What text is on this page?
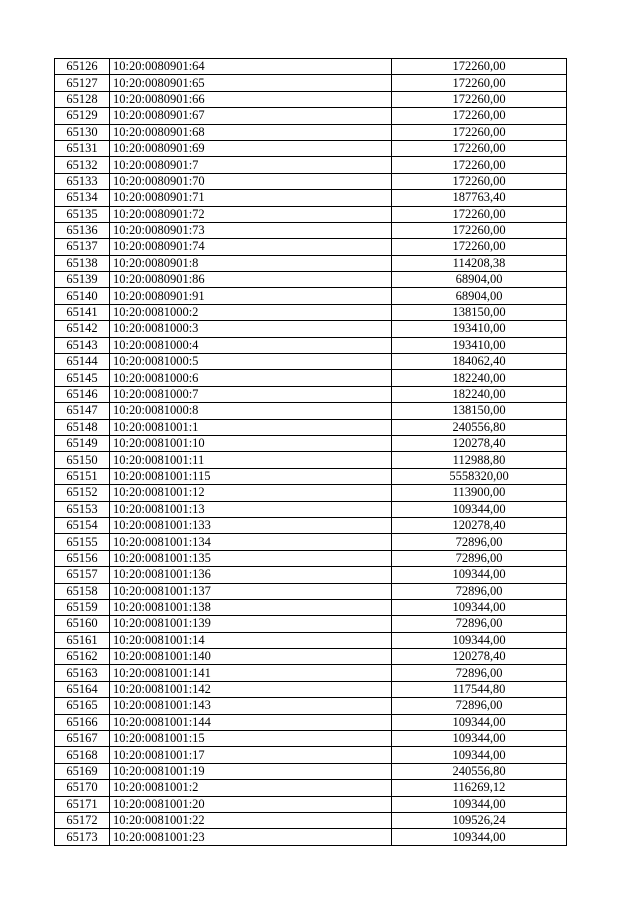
65126	10:20:0080901:64	172260,00
65127	10:20:0080901:65	172260,00
65128	10:20:0080901:66	172260,00
65129	10:20:0080901:67	172260,00
65130	10:20:0080901:68	172260,00
65131	10:20:0080901:69	172260,00
65132	10:20:0080901:7	172260,00
65133	10:20:0080901:70	172260,00
65134	10:20:0080901:71	187763,40
65135	10:20:0080901:72	172260,00
65136	10:20:0080901:73	172260,00
65137	10:20:0080901:74	172260,00
65138	10:20:0080901:8	114208,38
65139	10:20:0080901:86	68904,00
65140	10:20:0080901:91	68904,00
65141	10:20:0081000:2	138150,00
65142	10:20:0081000:3	193410,00
65143	10:20:0081000:4	193410,00
65144	10:20:0081000:5	184062,40
65145	10:20:0081000:6	182240,00
65146	10:20:0081000:7	182240,00
65147	10:20:0081000:8	138150,00
65148	10:20:0081001:1	240556,80
65149	10:20:0081001:10	120278,40
65150	10:20:0081001:11	112988,80
65151	10:20:0081001:115	5558320,00
65152	10:20:0081001:12	113900,00
65153	10:20:0081001:13	109344,00
65154	10:20:0081001:133	120278,40
65155	10:20:0081001:134	72896,00
65156	10:20:0081001:135	72896,00
65157	10:20:0081001:136	109344,00
65158	10:20:0081001:137	72896,00
65159	10:20:0081001:138	109344,00
65160	10:20:0081001:139	72896,00
65161	10:20:0081001:14	109344,00
65162	10:20:0081001:140	120278,40
65163	10:20:0081001:141	72896,00
65164	10:20:0081001:142	117544,80
65165	10:20:0081001:143	72896,00
65166	10:20:0081001:144	109344,00
65167	10:20:0081001:15	109344,00
65168	10:20:0081001:17	109344,00
65169	10:20:0081001:19	240556,80
65170	10:20:0081001:2	116269,12
65171	10:20:0081001:20	109344,00
65172	10:20:0081001:22	109526,24
65173	10:20:0081001:23	109344,00
